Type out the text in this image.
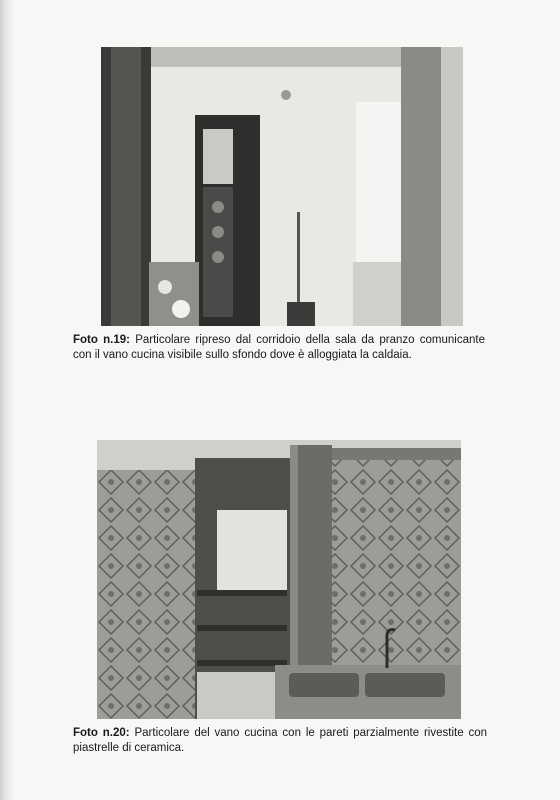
Foto n.19: Particolare ripreso dal corridoio della sala da pranzo comunicante con il vano cucina visibile sullo sfondo dove è alloggiata la caldaia.
Foto n.20: Particolare del vano cucina con le pareti parzialmente rivestite con piastrelle di ceramica.
